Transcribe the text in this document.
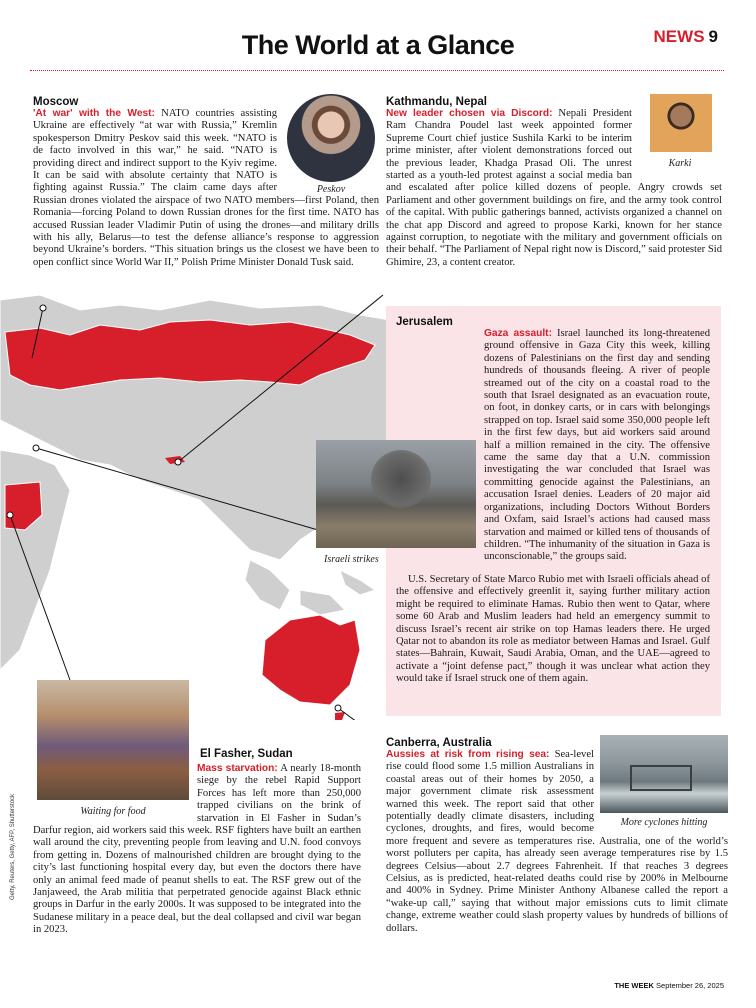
The World at a Glance	NEWS 9
Moscow
Peskov
'At war' with the West: NATO countries assisting Ukraine are effectively “at war with Russia,” Kremlin spokesperson Dmitry Peskov said this week. “NATO is de facto involved in this war,” he said. “NATO is providing direct and indirect support to the Kyiv regime. It can be said with absolute certainty that NATO is fighting against Russia.” The claim came days after Russian drones violated the airspace of two NATO members—first Poland, then Romania—forcing Poland to down Russian drones for the first time. NATO has accused Russian leader Vladimir Putin of using the drones—and military drills with his ally, Belarus—to test the defense alliance’s response to aggression beyond Ukraine’s borders. “This situation brings us the closest we have been to open conflict since World War II,” Polish Prime Minister Donald Tusk said.
Kathmandu, Nepal
Karki
New leader chosen via Discord: Nepali President Ram Chandra Poudel last week appointed former Supreme Court chief justice Sushila Karki to be interim prime minister, after violent demonstrations forced out the previous leader, Khadga Prasad Oli. The unrest started as a youth-led protest against a social media ban and escalated after police killed dozens of people. Angry crowds set Parliament and other government buildings on fire, and the army took control of the capital. With public gatherings banned, activists organized a channel on the chat app Discord and agreed to propose Karki, known for her stance against corruption, to negotiate with the military and government officials on their behalf. “The Parliament of Nepal right now is Discord,” said protester Sid Ghimire, 23, a content creator.
Jerusalem
Israeli strikes
Gaza assault: Israel launched its long-threatened ground offensive in Gaza City this week, killing dozens of Palestinians on the first day and sending hundreds of thousands fleeing. A river of people streamed out of the city on a coastal road to the south that Israel designated as an evacuation route, on foot, in donkey carts, or in cars with belongings strapped on top. Israel said some 350,000 people left in the first few days, but aid workers said around half a million remained in the city. The offensive came the same day that a U.N. commission investigating the war concluded that Israel was committing genocide against the Palestinians, an accusation Israel denies. Leaders of 20 major aid organizations, including Doctors Without Borders and Oxfam, said Israel’s actions had caused mass starvation and maimed or killed tens of thousands of children. “The inhumanity of the situation in Gaza is unconscionable,” the groups said.
U.S. Secretary of State Marco Rubio met with Israeli officials ahead of the offensive and effectively greenlit it, saying further military action might be required to eliminate Hamas. Rubio then went to Qatar, where some 60 Arab and Muslim leaders had held an emergency summit to discuss Israel’s recent air strike on top Hamas leaders there. He urged Qatar not to abandon its role as mediator between Hamas and Israel. Gulf states—Bahrain, Kuwait, Saudi Arabia, Oman, and the UAE—agreed to activate a “joint defense pact,” though it was unclear what action they would take if Israel struck one of them again.
Waiting for food
El Fasher, Sudan
Mass starvation: A nearly 18-month siege by the rebel Rapid Support Forces has left more than 250,000 trapped civilians on the brink of starvation in El Fasher in Sudan’s Darfur region, aid workers said this week. RSF fighters have built an earthen wall around the city, preventing people from leaving and U.N. food convoys from getting in. Dozens of malnourished children are brought dying to the city’s last functioning hospital every day, but even the doctors there have only an animal feed made of peanut shells to eat. The RSF grew out of the Janjaweed, the Arab militia that perpetrated genocide against Black ethnic groups in Darfur in the early 2000s. It was supposed to be integrated into the Sudanese military in a peace deal, but the deal collapsed and civil war began in 2023.
Canberra, Australia
More cyclones hitting
Aussies at risk from rising sea: Sea-level rise could flood some 1.5 million Australians in coastal areas out of their homes by 2050, a major government climate risk assessment warned this week. The report said that other potentially deadly climate disasters, including cyclones, droughts, and fires, would become more frequent and severe as temperatures rise. Australia, one of the world’s worst polluters per capita, has already seen average temperatures rise by 1.5 degrees Celsius—about 2.7 degrees Fahrenheit. If that reaches 3 degrees Celsius, as is predicted, heat-related deaths could rise by 200% in Melbourne and 400% in Sydney. Prime Minister Anthony Albanese called the report a “wake-up call,” saying that without major emissions cuts to limit climate change, extreme weather could slash property values by hundreds of billions of dollars.
Getty, Reuters, Getty, AFP, Shutterstock
THE WEEK September 26, 2025
